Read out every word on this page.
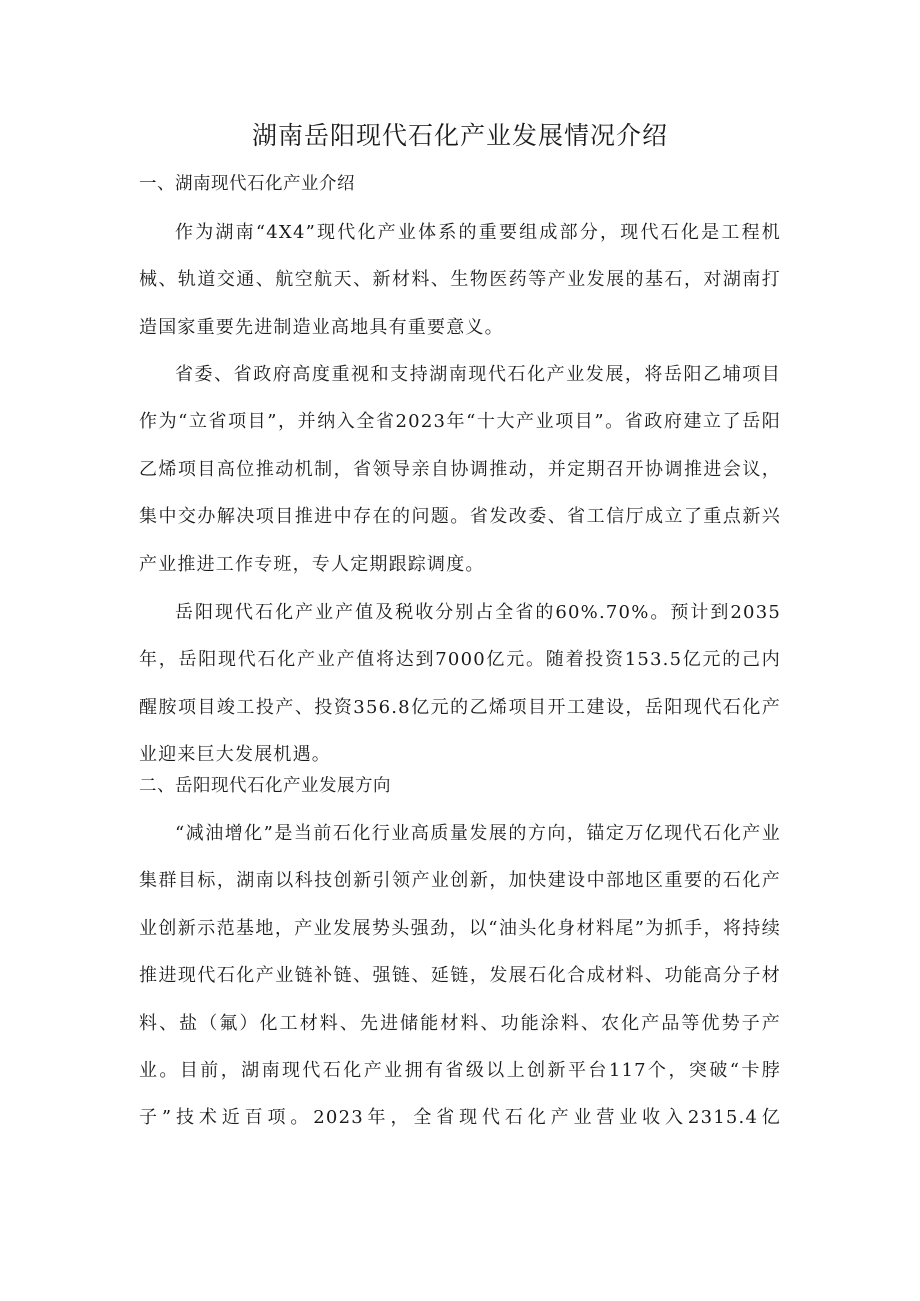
湖南岳阳现代石化产业发展情况介绍
一、湖南现代石化产业介绍

作为湖南“4X4”现代化产业体系的重要组成部分，现代石化是工程机械、轨道交通、航空航天、新材料、生物医药等产业发展的基石，对湖南打造国家重要先进制造业高地具有重要意义。

省委、省政府高度重视和支持湖南现代石化产业发展，将岳阳乙埔项目作为“立省项目”，并纳入全省2023年“十大产业项目”。省政府建立了岳阳乙烯项目高位推动机制，省领导亲自协调推动，并定期召开协调推进会议，集中交办解决项目推进中存在的问题。省发改委、省工信厅成立了重点新兴产业推进工作专班，专人定期跟踪调度。

岳阳现代石化产业产值及税收分别占全省的60%.70%。预计到2035年，岳阳现代石化产业产值将达到7000亿元。随着投资153.5亿元的己内醒胺项目竣工投产、投资356.8亿元的乙烯项目开工建设，岳阳现代石化产业迎来巨大发展机遇。

二、岳阳现代石化产业发展方向

“减油增化”是当前石化行业高质量发展的方向，锚定万亿现代石化产业集群目标，湖南以科技创新引领产业创新，加快建设中部地区重要的石化产业创新示范基地，产业发展势头强劲，以“油头化身材料尾”为抓手，将持续推进现代石化产业链补链、强链、延链，发展石化合成材料、功能高分子材料、盐（氟）化工材料、先进储能材料、功能涂料、农化产品等优势子产业。目前，湖南现代石化产业拥有省级以上创新平台117个，突破“卡脖子”技术近百项。2023年，全省现代石化产业营业收入2315.4亿
